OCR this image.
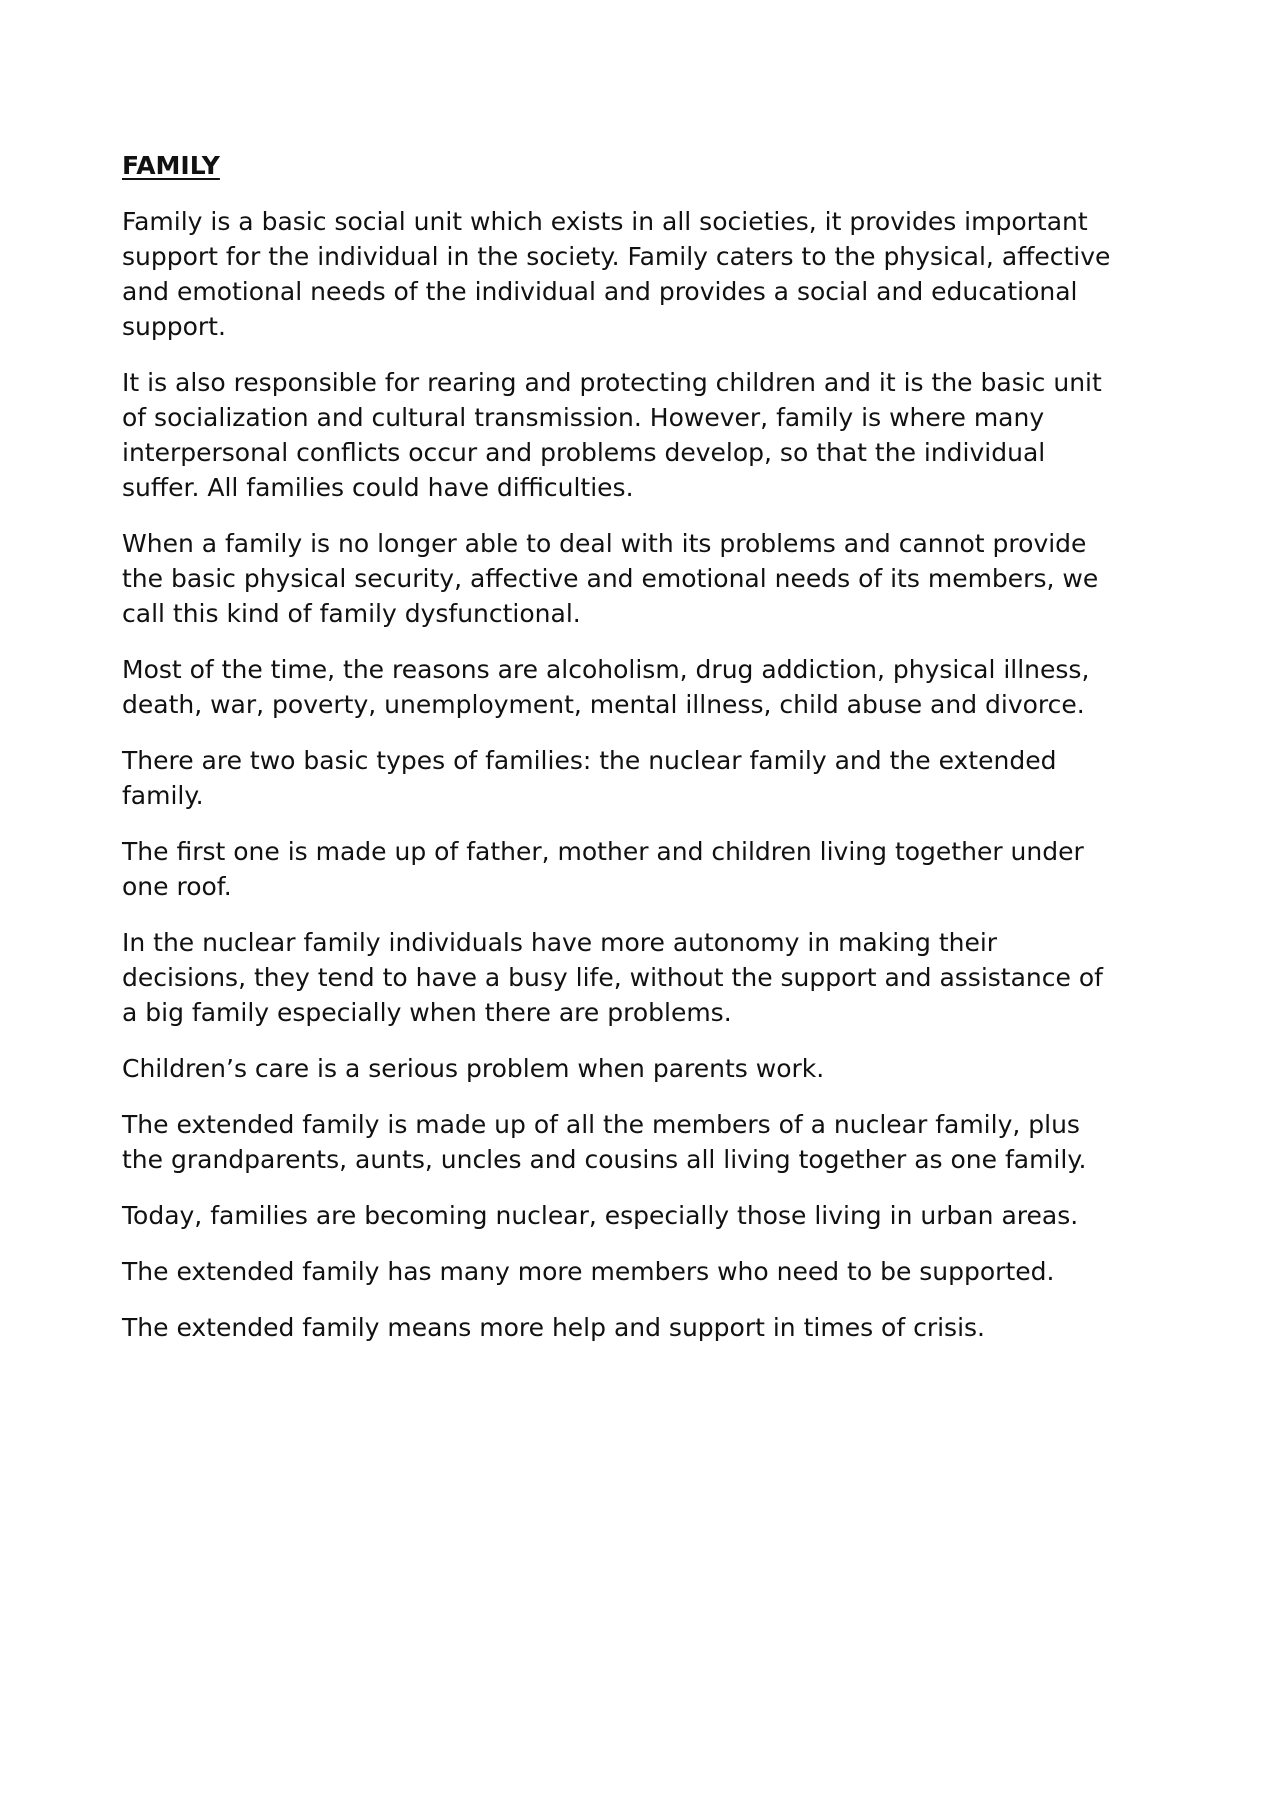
FAMILY

Family is a basic social unit which exists in all societies, it provides important
support for the individual in the society. Family caters to the physical, affective
and emotional needs of the individual and provides a social and educational
support.

It is also responsible for rearing and protecting children and it is the basic unit
of socialization and cultural transmission. However, family is where many
interpersonal conflicts occur and problems develop, so that the individual
suffer. All families could have difficulties.

When a family is no longer able to deal with its problems and cannot provide
the basic physical security, affective and emotional needs of its members, we
call this kind of family dysfunctional.

Most of the time, the reasons are alcoholism, drug addiction, physical illness,
death, war, poverty, unemployment, mental illness, child abuse and divorce.

There are two basic types of families: the nuclear family and the extended
family.

The first one is made up of father, mother and children living together under
one roof.

In the nuclear family individuals have more autonomy in making their
decisions, they tend to have a busy life, without the support and assistance of
a big family especially when there are problems.

Children’s care is a serious problem when parents work.

The extended family is made up of all the members of a nuclear family, plus
the grandparents, aunts, uncles and cousins all living together as one family.

Today, families are becoming nuclear, especially those living in urban areas.

The extended family has many more members who need to be supported.

The extended family means more help and support in times of crisis.
